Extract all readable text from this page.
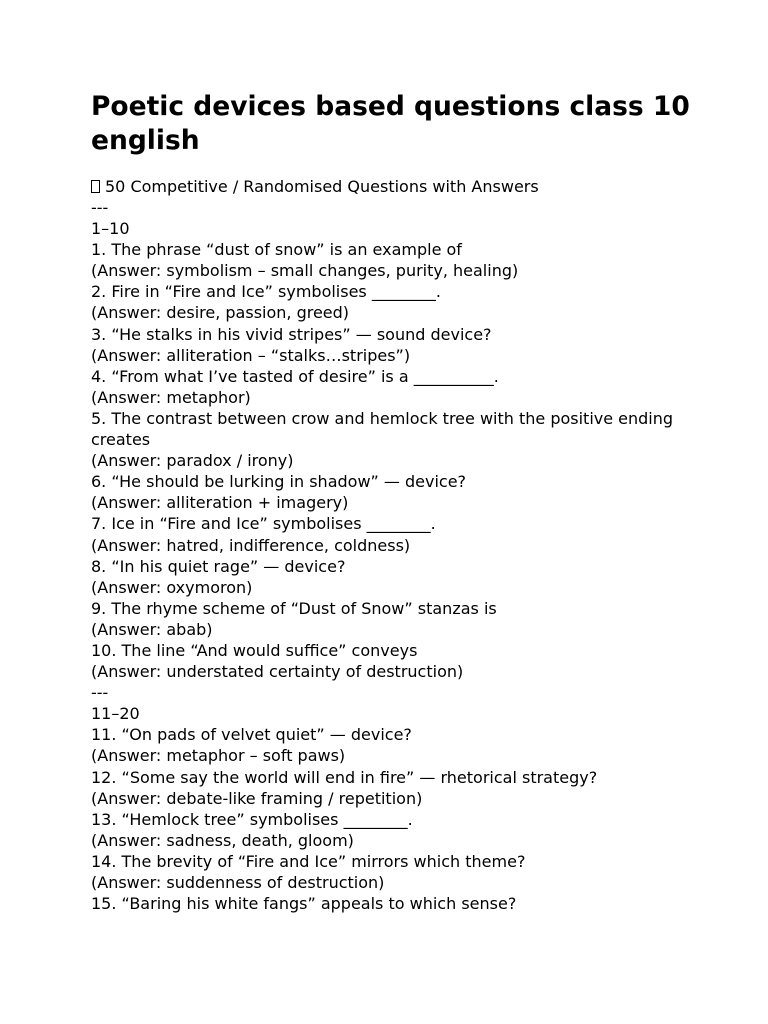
Poetic devices based questions class 10 english
50 Competitive / Randomised Questions with Answers
---
1–10
1. The phrase “dust of snow” is an example of
(Answer: symbolism – small changes, purity, healing)
2. Fire in “Fire and Ice” symbolises ________.
(Answer: desire, passion, greed)
3. “He stalks in his vivid stripes” — sound device?
(Answer: alliteration – “stalks…stripes”)
4. “From what I’ve tasted of desire” is a __________.
(Answer: metaphor)
5. The contrast between crow and hemlock tree with the positive ending creates
(Answer: paradox / irony)
6. “He should be lurking in shadow” — device?
(Answer: alliteration + imagery)
7. Ice in “Fire and Ice” symbolises ________.
(Answer: hatred, indifference, coldness)
8. “In his quiet rage” — device?
(Answer: oxymoron)
9. The rhyme scheme of “Dust of Snow” stanzas is
(Answer: abab)
10. The line “And would suffice” conveys
(Answer: understated certainty of destruction)
---
11–20
11. “On pads of velvet quiet” — device?
(Answer: metaphor – soft paws)
12. “Some say the world will end in fire” — rhetorical strategy?
(Answer: debate-like framing / repetition)
13. “Hemlock tree” symbolises ________.
(Answer: sadness, death, gloom)
14. The brevity of “Fire and Ice” mirrors which theme?
(Answer: suddenness of destruction)
15. “Baring his white fangs” appeals to which sense?
